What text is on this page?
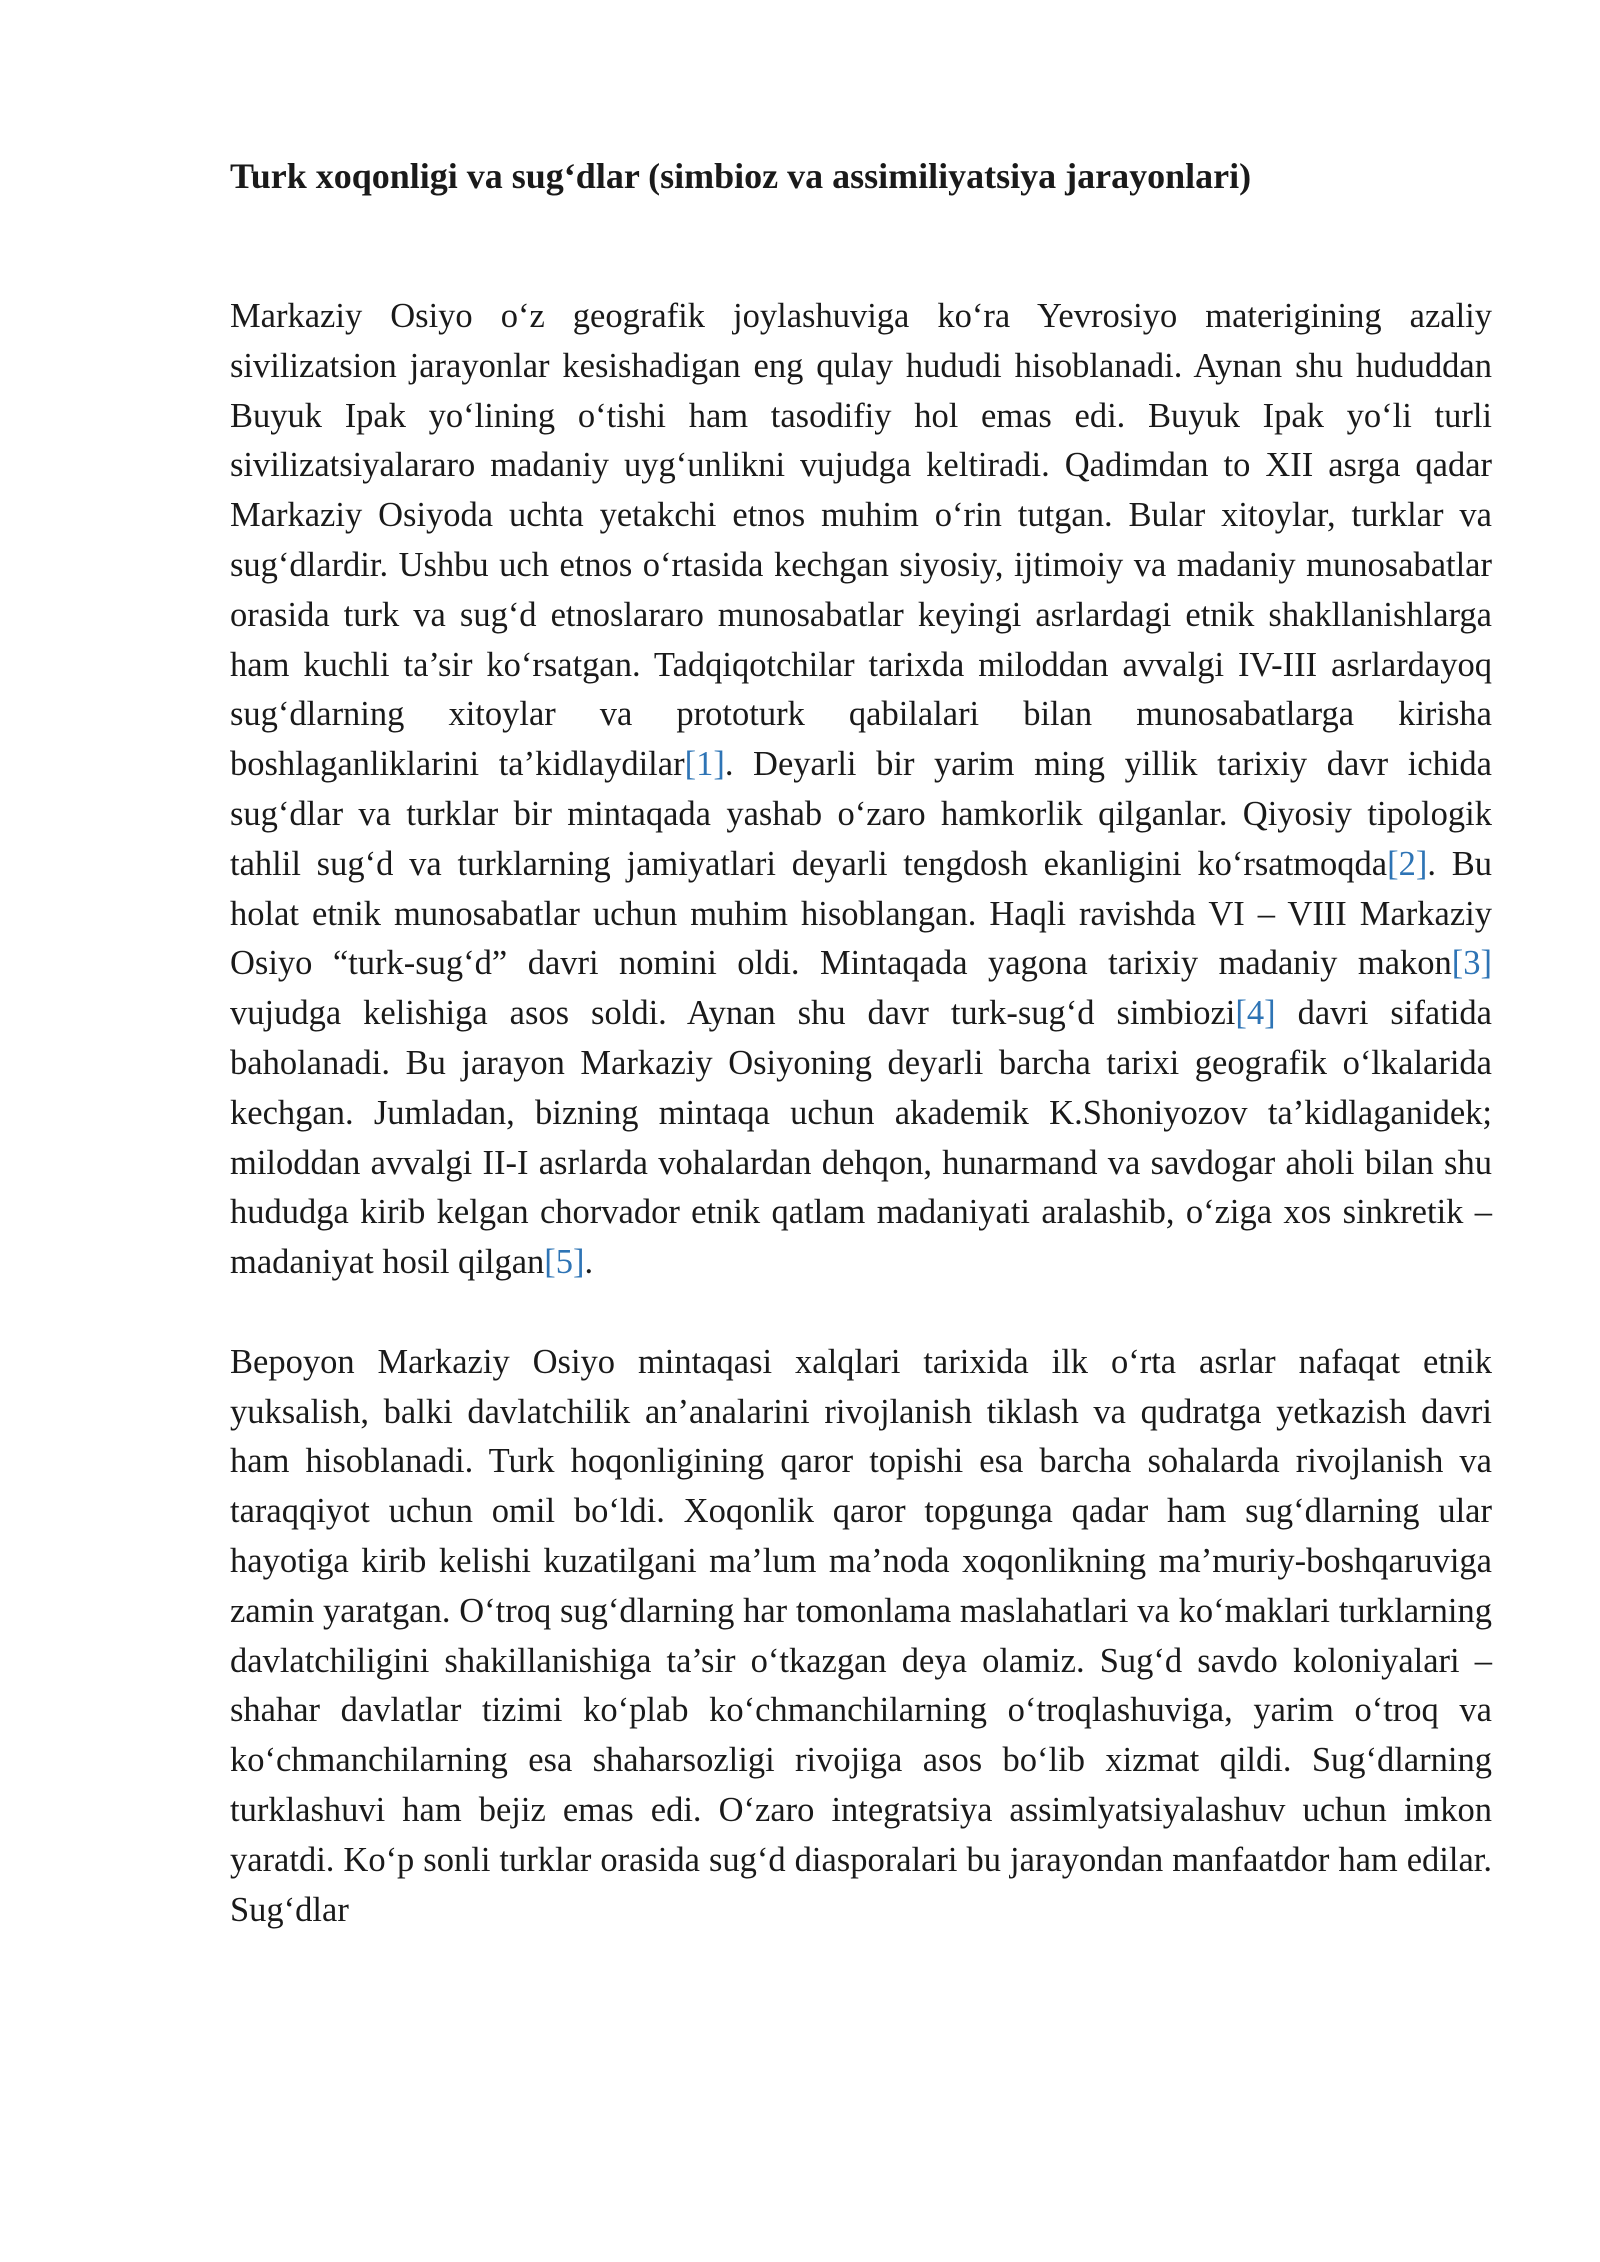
Turk xoqonligi va sug‘dlar (simbioz va assimiliyatsiya jarayonlari)

Markaziy Osiyo o‘z geografik joylashuviga ko‘ra Yevrosiyo materigining azaliy sivilizatsion jarayonlar kesishadigan eng qulay hududi hisoblanadi. Aynan shu hududdan Buyuk Ipak yo‘lining o‘tishi ham tasodifiy hol emas edi. Buyuk Ipak yo‘li turli sivilizatsiyalararo madaniy uyg‘unlikni vujudga keltiradi. Qadimdan to XII asrga qadar Markaziy Osiyoda uchta yetakchi etnos muhim o‘rin tutgan. Bular xitoylar, turklar va sug‘dlardir. Ushbu uch etnos o‘rtasida kechgan siyosiy, ijtimoiy va madaniy munosabatlar orasida turk va sug‘d etnoslararo munosabatlar keyingi asrlardagi etnik shakllanishlarga ham kuchli ta’sir ko‘rsatgan. Tadqiqotchilar tarixda miloddan avvalgi IV-III asrlardayoq sug‘dlarning xitoylar va prototurk qabilalari bilan munosabatlarga kirisha boshlaganliklarini ta’kidlaydilar[1]. Deyarli bir yarim ming yillik tarixiy davr ichida sug‘dlar va turklar bir mintaqada yashab o‘zaro hamkorlik qilganlar. Qiyosiy tipologik tahlil sug‘d va turklarning jamiyatlari deyarli tengdosh ekanligini ko‘rsatmoqda[2]. Bu holat etnik munosabatlar uchun muhim hisoblangan. Haqli ravishda VI – VIII Markaziy Osiyo “turk-sug‘d” davri nomini oldi. Mintaqada yagona tarixiy madaniy makon[3] vujudga kelishiga asos soldi. Aynan shu davr turk-sug‘d simbiozi[4] davri sifatida baholanadi. Bu jarayon Markaziy Osiyoning deyarli barcha tarixi geografik o‘lkalarida kechgan. Jumladan, bizning mintaqa uchun akademik K.Shoniyozov ta’kidlaganidek; miloddan avvalgi II-I asrlarda vohalardan dehqon, hunarmand va savdogar aholi bilan shu hududga kirib kelgan chorvador etnik qatlam madaniyati aralashib, o‘ziga xos sinkretik – madaniyat hosil qilgan[5].

Bepoyon Markaziy Osiyo mintaqasi xalqlari tarixida ilk o‘rta asrlar nafaqat etnik yuksalish, balki davlatchilik an’analarini rivojlanish tiklash va qudratga yetkazish davri ham hisoblanadi. Turk hoqonligining qaror topishi esa barcha sohalarda rivojlanish va taraqqiyot uchun omil bo‘ldi. Xoqonlik qaror topgunga qadar ham sug‘dlarning ular hayotiga kirib kelishi kuzatilgani ma’lum ma’noda xoqonlikning ma’muriy-boshqaruviga zamin yaratgan. O‘troq sug‘dlarning har tomonlama maslahatlari va ko‘maklari turklarning davlatchiligini shakillanishiga ta’sir o‘tkazgan deya olamiz. Sug‘d savdo koloniyalari – shahar davlatlar tizimi ko‘plab ko‘chmanchilarning o‘troqlashuviga, yarim o‘troq va ko‘chmanchilarning esa shaharsozligi rivojiga asos bo‘lib xizmat qildi. Sug‘dlarning turklashuvi ham bejiz emas edi. O‘zaro integratsiya assimlyatsiyalashuv uchun imkon yaratdi. Ko‘p sonli turklar orasida sug‘d diasporalari bu jarayondan manfaatdor ham edilar. Sug‘dlar
